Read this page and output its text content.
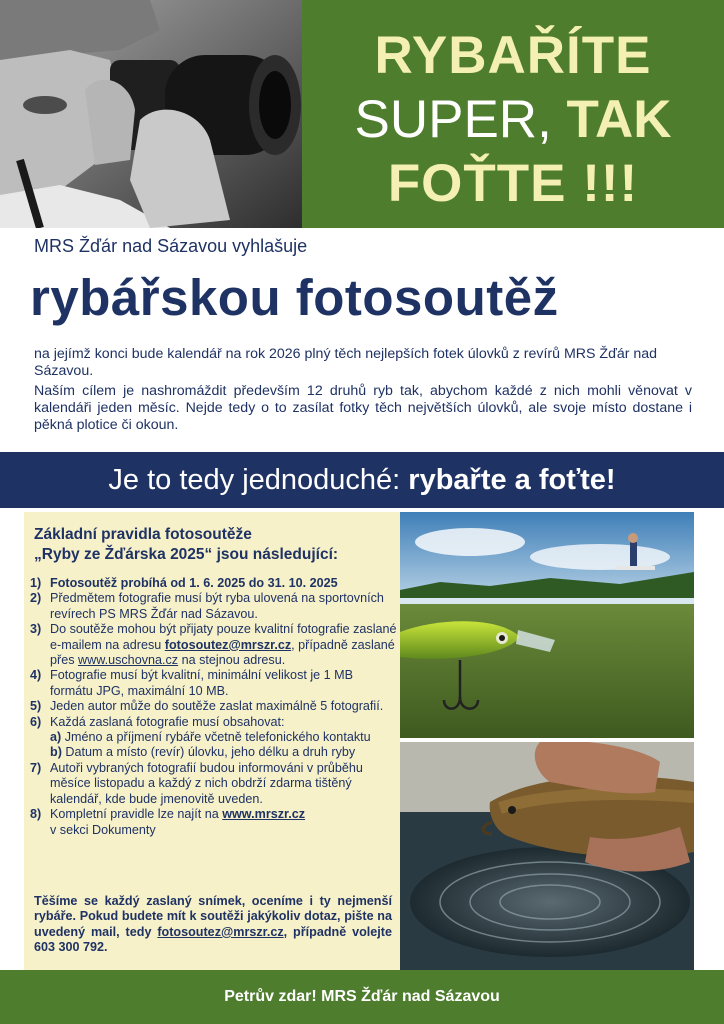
RYBAŘÍTE
SUPER, TAK
FOŤTE !!!
MRS Žďár nad Sázavou vyhlašuje
rybářskou fotosoutěž
na jejímž konci bude kalendář na rok 2026 plný těch nejlepších fotek úlovků z revírů MRS Žďár nad Sázavou.
Naším cílem je nashromáždit především 12 druhů ryb tak, abychom každé z nich mohli věnovat v kalendáři jeden měsíc. Nejde tedy o to zasílat fotky těch největších úlovků, ale svoje místo dostane i pěkná plotice či okoun.
Je to tedy jednoduché: rybařte a foťte!
Základní pravidla fotosoutěže
„Ryby ze Žďárska 2025“ jsou následující:
1) Fotosoutěž probíhá od 1. 6. 2025 do 31. 10. 2025
2) Předmětem fotografie musí být ryba ulovená na sportovních revírech PS MRS Žďár nad Sázavou.
3) Do soutěže mohou být přijaty pouze kvalitní fotografie zaslané e-mailem na adresu fotosoutez@mrszr.cz, případně zaslané přes www.uschovna.cz na stejnou adresu.
4) Fotografie musí být kvalitní, minimální velikost je 1 MB formátu JPG, maximální 10 MB.
5) Jeden autor může do soutěže zaslat maximálně 5 fotografií.
6) Každá zaslaná fotografie musí obsahovat:
a) Jméno a příjmení rybáře včetně telefonického kontaktu
b) Datum a místo (revír) úlovku, jeho délku a druh ryby
7) Autoři vybraných fotografií budou informováni v průběhu měsíce listopadu a každý z nich obdrží zdarma tištěný kalendář, kde bude jmenovitě uveden.
8) Kompletní pravidle lze najít na www.mrszr.cz
v sekci Dokumenty
Těšíme se každý zaslaný snímek, oceníme i ty nejmenší rybáře. Pokud budete mít k soutěži jakýkoliv dotaz, pište na uvedený mail, tedy fotosoutez@mrszr.cz, případně volejte 603 300 792.
Petrův zdar! MRS Žďár nad Sázavou
